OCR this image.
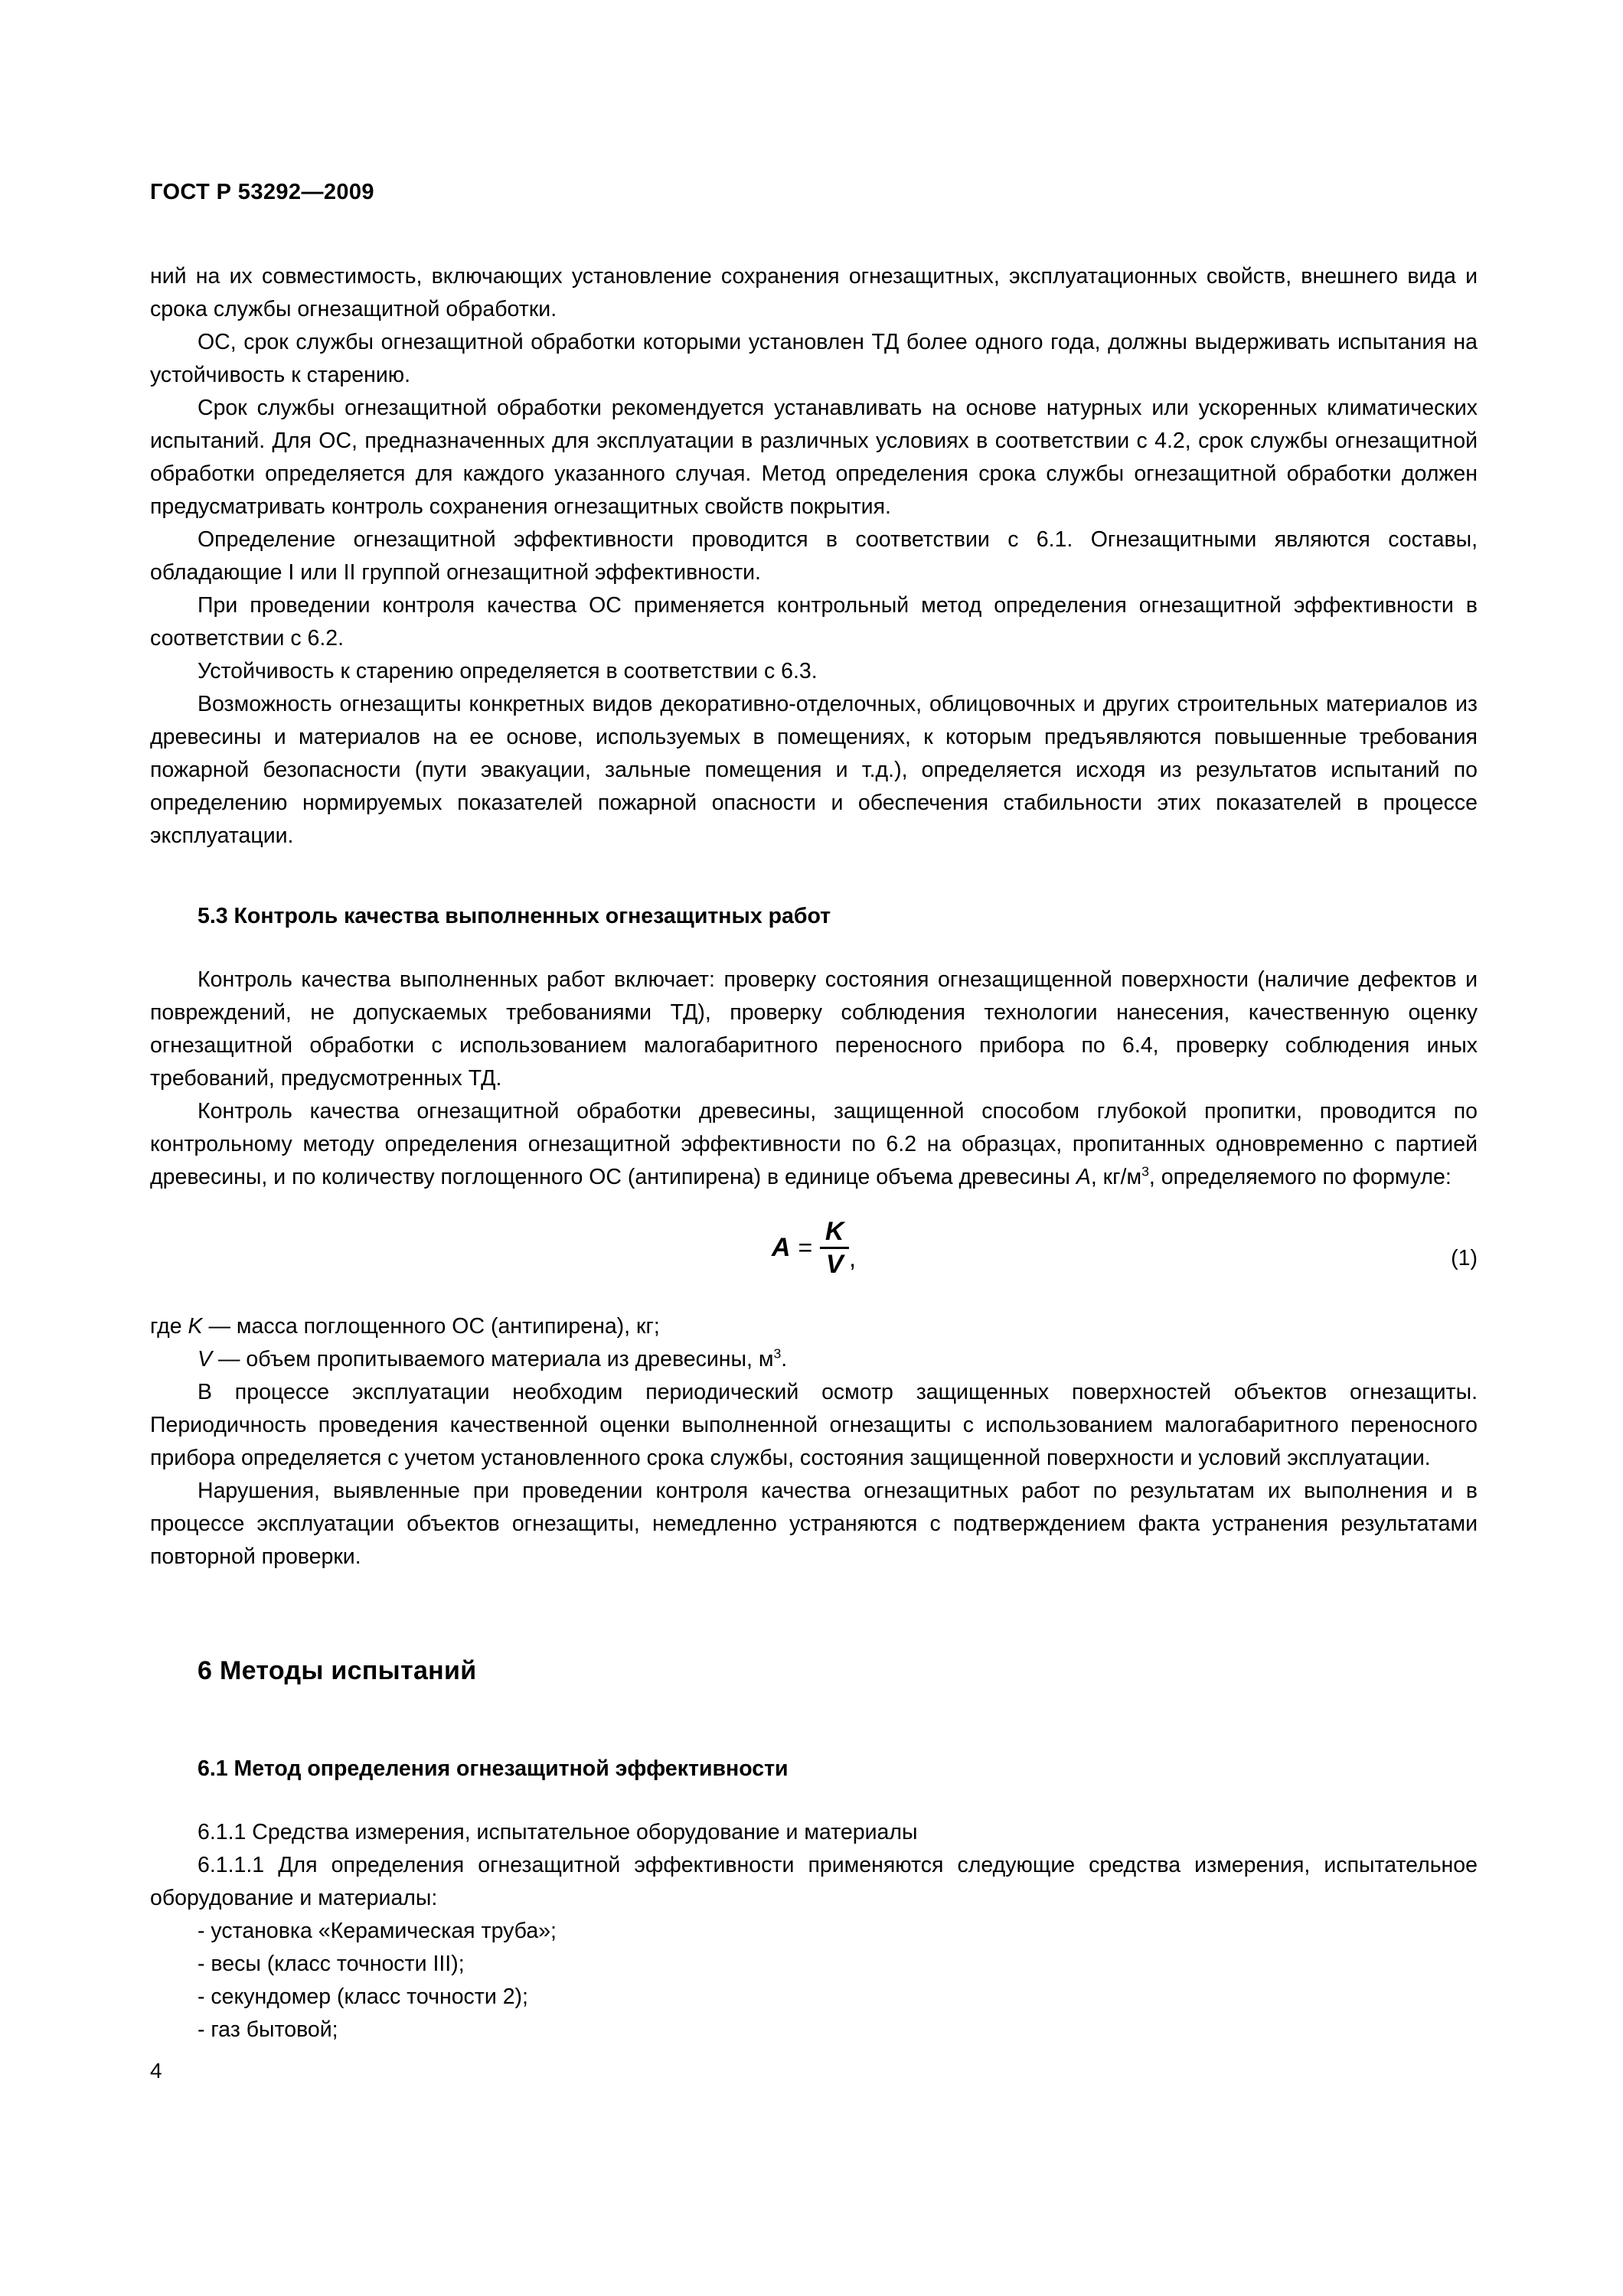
ГОСТ Р 53292—2009

ний на их совместимость, включающих установление сохранения огнезащитных, эксплуатационных свойств, внешнего вида и срока службы огнезащитной обработки.

ОС, срок службы огнезащитной обработки которыми установлен ТД более одного года, должны выдерживать испытания на устойчивость к старению.

Срок службы огнезащитной обработки рекомендуется устанавливать на основе натурных или ускоренных климатических испытаний. Для ОС, предназначенных для эксплуатации в различных условиях в соответствии с 4.2, срок службы огнезащитной обработки определяется для каждого указанного случая. Метод определения срока службы огнезащитной обработки должен предусматривать контроль сохранения огнезащитных свойств покрытия.

Определение огнезащитной эффективности проводится в соответствии с 6.1. Огнезащитными являются составы, обладающие I или II группой огнезащитной эффективности.

При проведении контроля качества ОС применяется контрольный метод определения огнезащитной эффективности в соответствии с 6.2.

Устойчивость к старению определяется в соответствии с 6.3.

Возможность огнезащиты конкретных видов декоративно-отделочных, облицовочных и других строительных материалов из древесины и материалов на ее основе, используемых в помещениях, к которым предъявляются повышенные требования пожарной безопасности (пути эвакуации, зальные помещения и т.д.), определяется исходя из результатов испытаний по определению нормируемых показателей пожарной опасности и обеспечения стабильности этих показателей в процессе эксплуатации.

5.3 Контроль качества выполненных огнезащитных работ

Контроль качества выполненных работ включает: проверку состояния огнезащищенной поверхности (наличие дефектов и повреждений, не допускаемых требованиями ТД), проверку соблюдения технологии нанесения, качественную оценку огнезащитной обработки с использованием малогабаритного переносного прибора по 6.4, проверку соблюдения иных требований, предусмотренных ТД.

Контроль качества огнезащитной обработки древесины, защищенной способом глубокой пропитки, проводится по контрольному методу определения огнезащитной эффективности по 6.2 на образцах, пропитанных одновременно с партией древесины, и по количеству поглощенного ОС (антипирена) в единице объема древесины A, $кг/м^3$, определяемого по формуле:

$A = \frac{K}{V}$ ,	(1)

где K — масса поглощенного ОС (антипирена), кг;

V — объем пропитываемого материала из древесины, $м^3$.

В процессе эксплуатации необходим периодический осмотр защищенных поверхностей объектов огнезащиты. Периодичность проведения качественной оценки выполненной огнезащиты с использованием малогабаритного переносного прибора определяется с учетом установленного срока службы, состояния защищенной поверхности и условий эксплуатации.

Нарушения, выявленные при проведении контроля качества огнезащитных работ по результатам их выполнения и в процессе эксплуатации объектов огнезащиты, немедленно устраняются с подтверждением факта устранения результатами повторной проверки.

6 Методы испытаний
6.1 Метод определения огнезащитной эффективности

6.1.1 Средства измерения, испытательное оборудование и материалы

6.1.1.1 Для определения огнезащитной эффективности применяются следующие средства измерения, испытательное оборудование и материалы:

- установка «Керамическая труба»;

- весы (класс точности III);

- секундомер (класс точности 2);

- газ бытовой;

4
